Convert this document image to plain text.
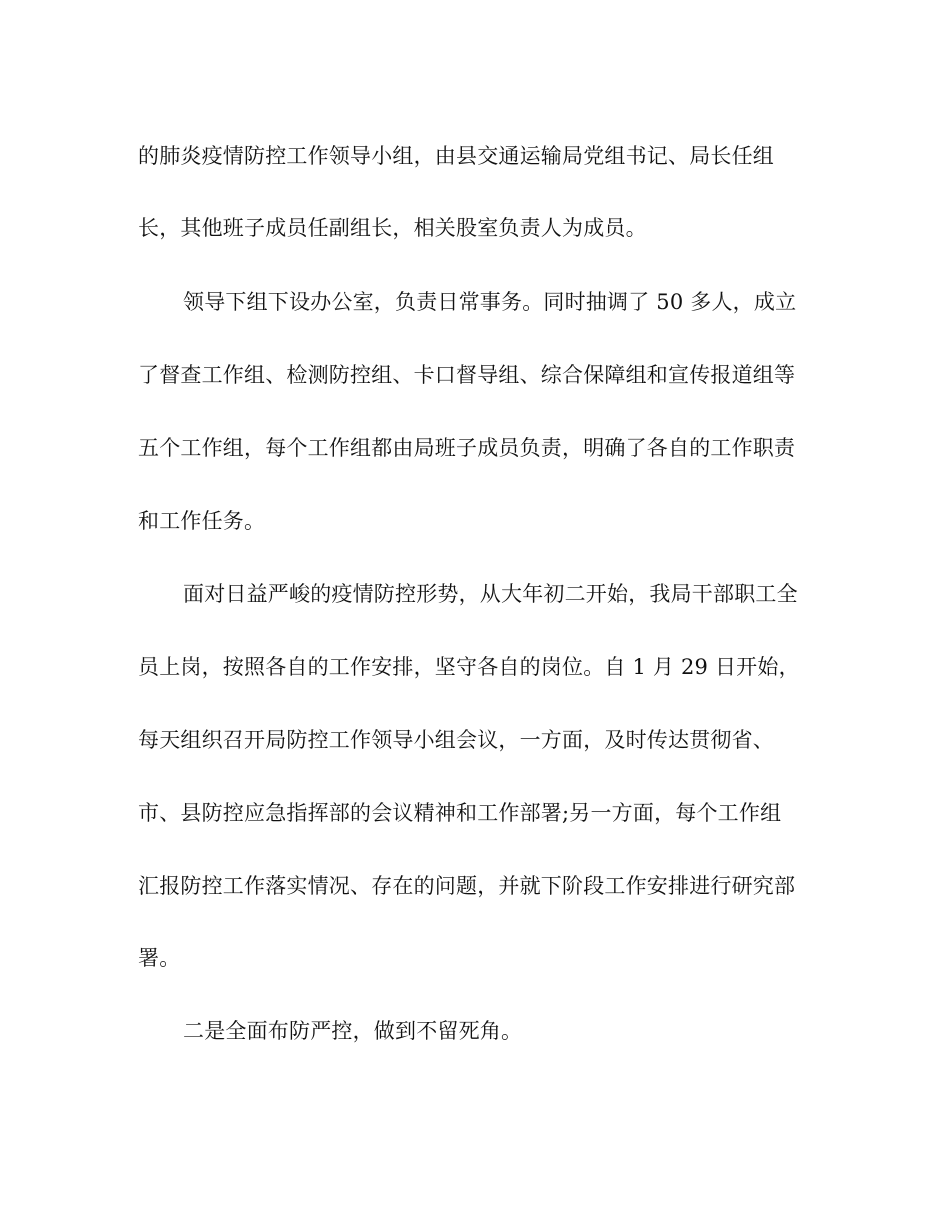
的肺炎疫情防控工作领导小组，由县交通运输局党组书记、局长任组
长，其他班子成员任副组长，相关股室负责人为成员。
领导下组下设办公室，负责日常事务。同时抽调了 50 多人，成立
了督查工作组、检测防控组、卡口督导组、综合保障组和宣传报道组等
五个工作组，每个工作组都由局班子成员负责，明确了各自的工作职责
和工作任务。
面对日益严峻的疫情防控形势，从大年初二开始，我局干部职工全
员上岗，按照各自的工作安排，坚守各自的岗位。自 1 月 29 日开始，
每天组织召开局防控工作领导小组会议，一方面，及时传达贯彻省、
市、县防控应急指挥部的会议精神和工作部署;另一方面，每个工作组
汇报防控工作落实情况、存在的问题，并就下阶段工作安排进行研究部
署。
二是全面布防严控，做到不留死角。
